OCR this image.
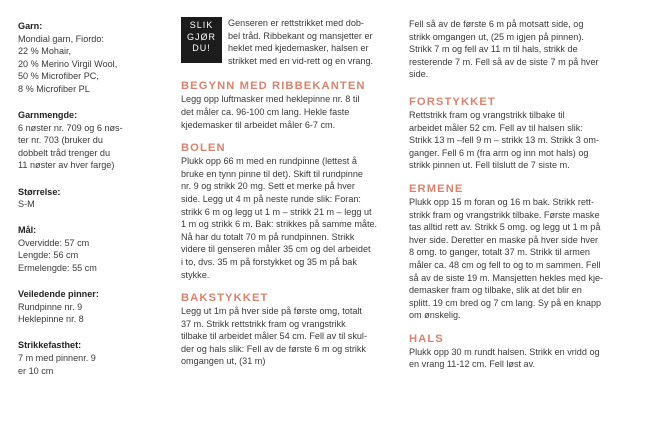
Garn:

Mondial garn, Fiordo:

22 % Mohair,

20 % Merino Virgil Wool,

50 % Microfiber PC,

8 % Microfiber PL

Garnmengde:

6 nøster nr. 709 og 6 nøs-

ter nr. 703 (bruker du

dobbelt tråd trenger du

11 nøster av hver farge)

Størrelse:

S-M

Mål:

Overvidde: 57 cm

Lengde: 56 cm

Ermelengde: 55 cm

Veiledende pinner:

Rundpinne nr. 9

Heklepinne nr. 8

Strikkefasthet:

7 m med pinnenr. 9

er 10 cm

SLIK
GJØR
DU!

Genseren er rettstrikket med dob-

bel tråd. Ribbekant og mansjetter er

heklet med kjedemasker, halsen er

strikket med en vid-rett og en vrang.

BEGYNN MED RIBBEKANTEN

Legg opp luftmasker med heklepinne nr. 8 til

det måler ca. 96-100 cm lang. Hekle faste

kjedemasker til arbeidet måler 6-7 cm.

BOLEN

Plukk opp 66 m med en rundpinne (lettest å

bruke en tynn pinne til det). Skift til rundpinne

nr. 9 og strikk 20 mg. Sett et merke på hver

side. Legg ut 4 m på neste runde slik: Foran:

strikk 6 m og legg ut 1 m – strikk 21 m – legg ut

1 m og strikk 6 m. Bak: strikkes på samme måte.

Nå har du totalt 70 m på rundpinnen. Strikk

videre til genseren måler 35 cm og del arbeidet

i to, dvs. 35 m på forstykket og 35 m på bak

stykke.

BAKSTYKKET

Legg ut 1m på hver side på første omg, totalt

37 m. Strikk rettstrikk fram og vrangstrikk

tilbake til arbeidet måler 54 cm. Fell av til skul-

der og hals slik: Fell av de første 6 m og strikk

omgangen ut, (31 m)

Fell så av de første 6 m på motsatt side, og

strikk omgangen ut, (25 m igjen på pinnen).

Strikk 7 m og fell av 11 m til hals, strikk de

resterende 7 m. Fell så av de siste 7 m på hver

side.

FORSTYKKET

Rettstrikk fram og vrangstrikk tilbake til

arbeidet måler 52 cm. Fell av til halsen slik:

Strikk 13 m –fell 9 m – strikk 13 m. Strikk 3 om-

ganger. Fell 6 m (fra arm og inn mot hals) og

strikk pinnen ut. Fell tilslutt de 7 siste m.

ERMENE

Plukk opp 15 m foran og 16 m bak. Strikk rett-

strikk fram og vrangstrikk tilbake. Første maske

tas alltid rett av. Strikk 5 omg. og legg ut 1 m på

hver side. Deretter en maske på hver side hver

8 omg. to ganger, totalt 37 m. Strikk til armen

måler ca. 48 cm og fell to og to m sammen. Fell

så av de siste 19 m. Mansjetten hekles med kje-

demasker fram og tilbake, slik at det blir en

splitt. 19 cm bred og 7 cm lang. Sy på en knapp

om ønskelig.

HALS

Plukk opp 30 m rundt halsen. Strikk en vridd og

en vrang 11-12 cm. Fell løst av.
